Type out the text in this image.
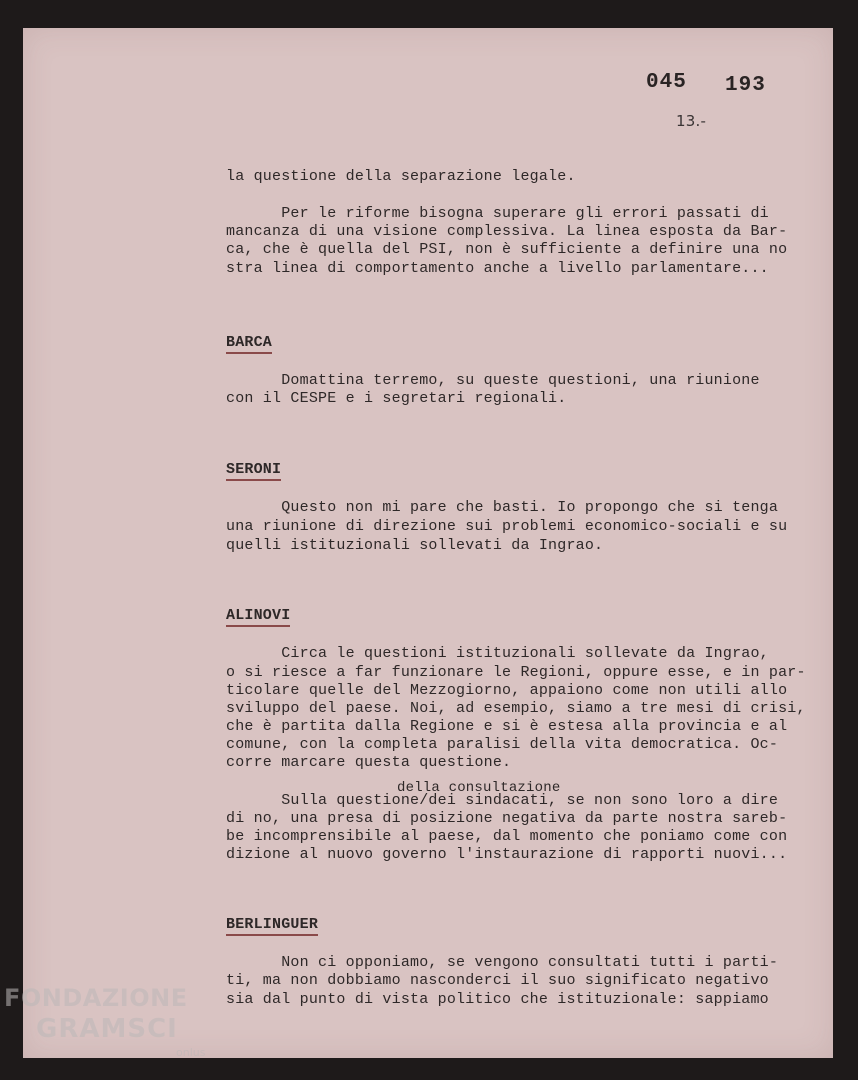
045 193
13.-
la questione della separazione legale.
Per le riforme bisogna superare gli errori passati di
mancanza di una visione complessiva. La linea esposta da Bar-
ca, che è quella del PSI, non è sufficiente a definire una no
stra linea di comportamento anche a livello parlamentare...
BARCA
Domattina terremo, su queste questioni, una riunione
con il CESPE e i segretari regionali.
SERONI
Questo non mi pare che basti. Io propongo che si tenga
una riunione di direzione sui problemi economico-sociali e su
quelli istituzionali sollevati da Ingrao.
ALINOVI
Circa le questioni istituzionali sollevate da Ingrao,
o si riesce a far funzionare le Regioni, oppure esse, e in par-
ticolare quelle del Mezzogiorno, appaiono come non utili allo
sviluppo del paese. Noi, ad esempio, siamo a tre mesi di crisi,
che è partita dalla Regione e si è estesa alla provincia e al
comune, con la completa paralisi della vita democratica. Oc-
corre marcare questa questione.
della consultazione
Sulla questione/dei sindacati, se non sono loro a dire
di no, una presa di posizione negativa da parte nostra sareb-
be incomprensibile al paese, dal momento che poniamo come con
dizione al nuovo governo l'instaurazione di rapporti nuovi...
BERLINGUER
Non ci opponiamo, se vengono consultati tutti i parti-
ti, ma non dobbiamo nasconderci il suo significato negativo
sia dal punto di vista politico che istituzionale: sappiamo
FONDAZIONE
GRAMSCI
onlus
